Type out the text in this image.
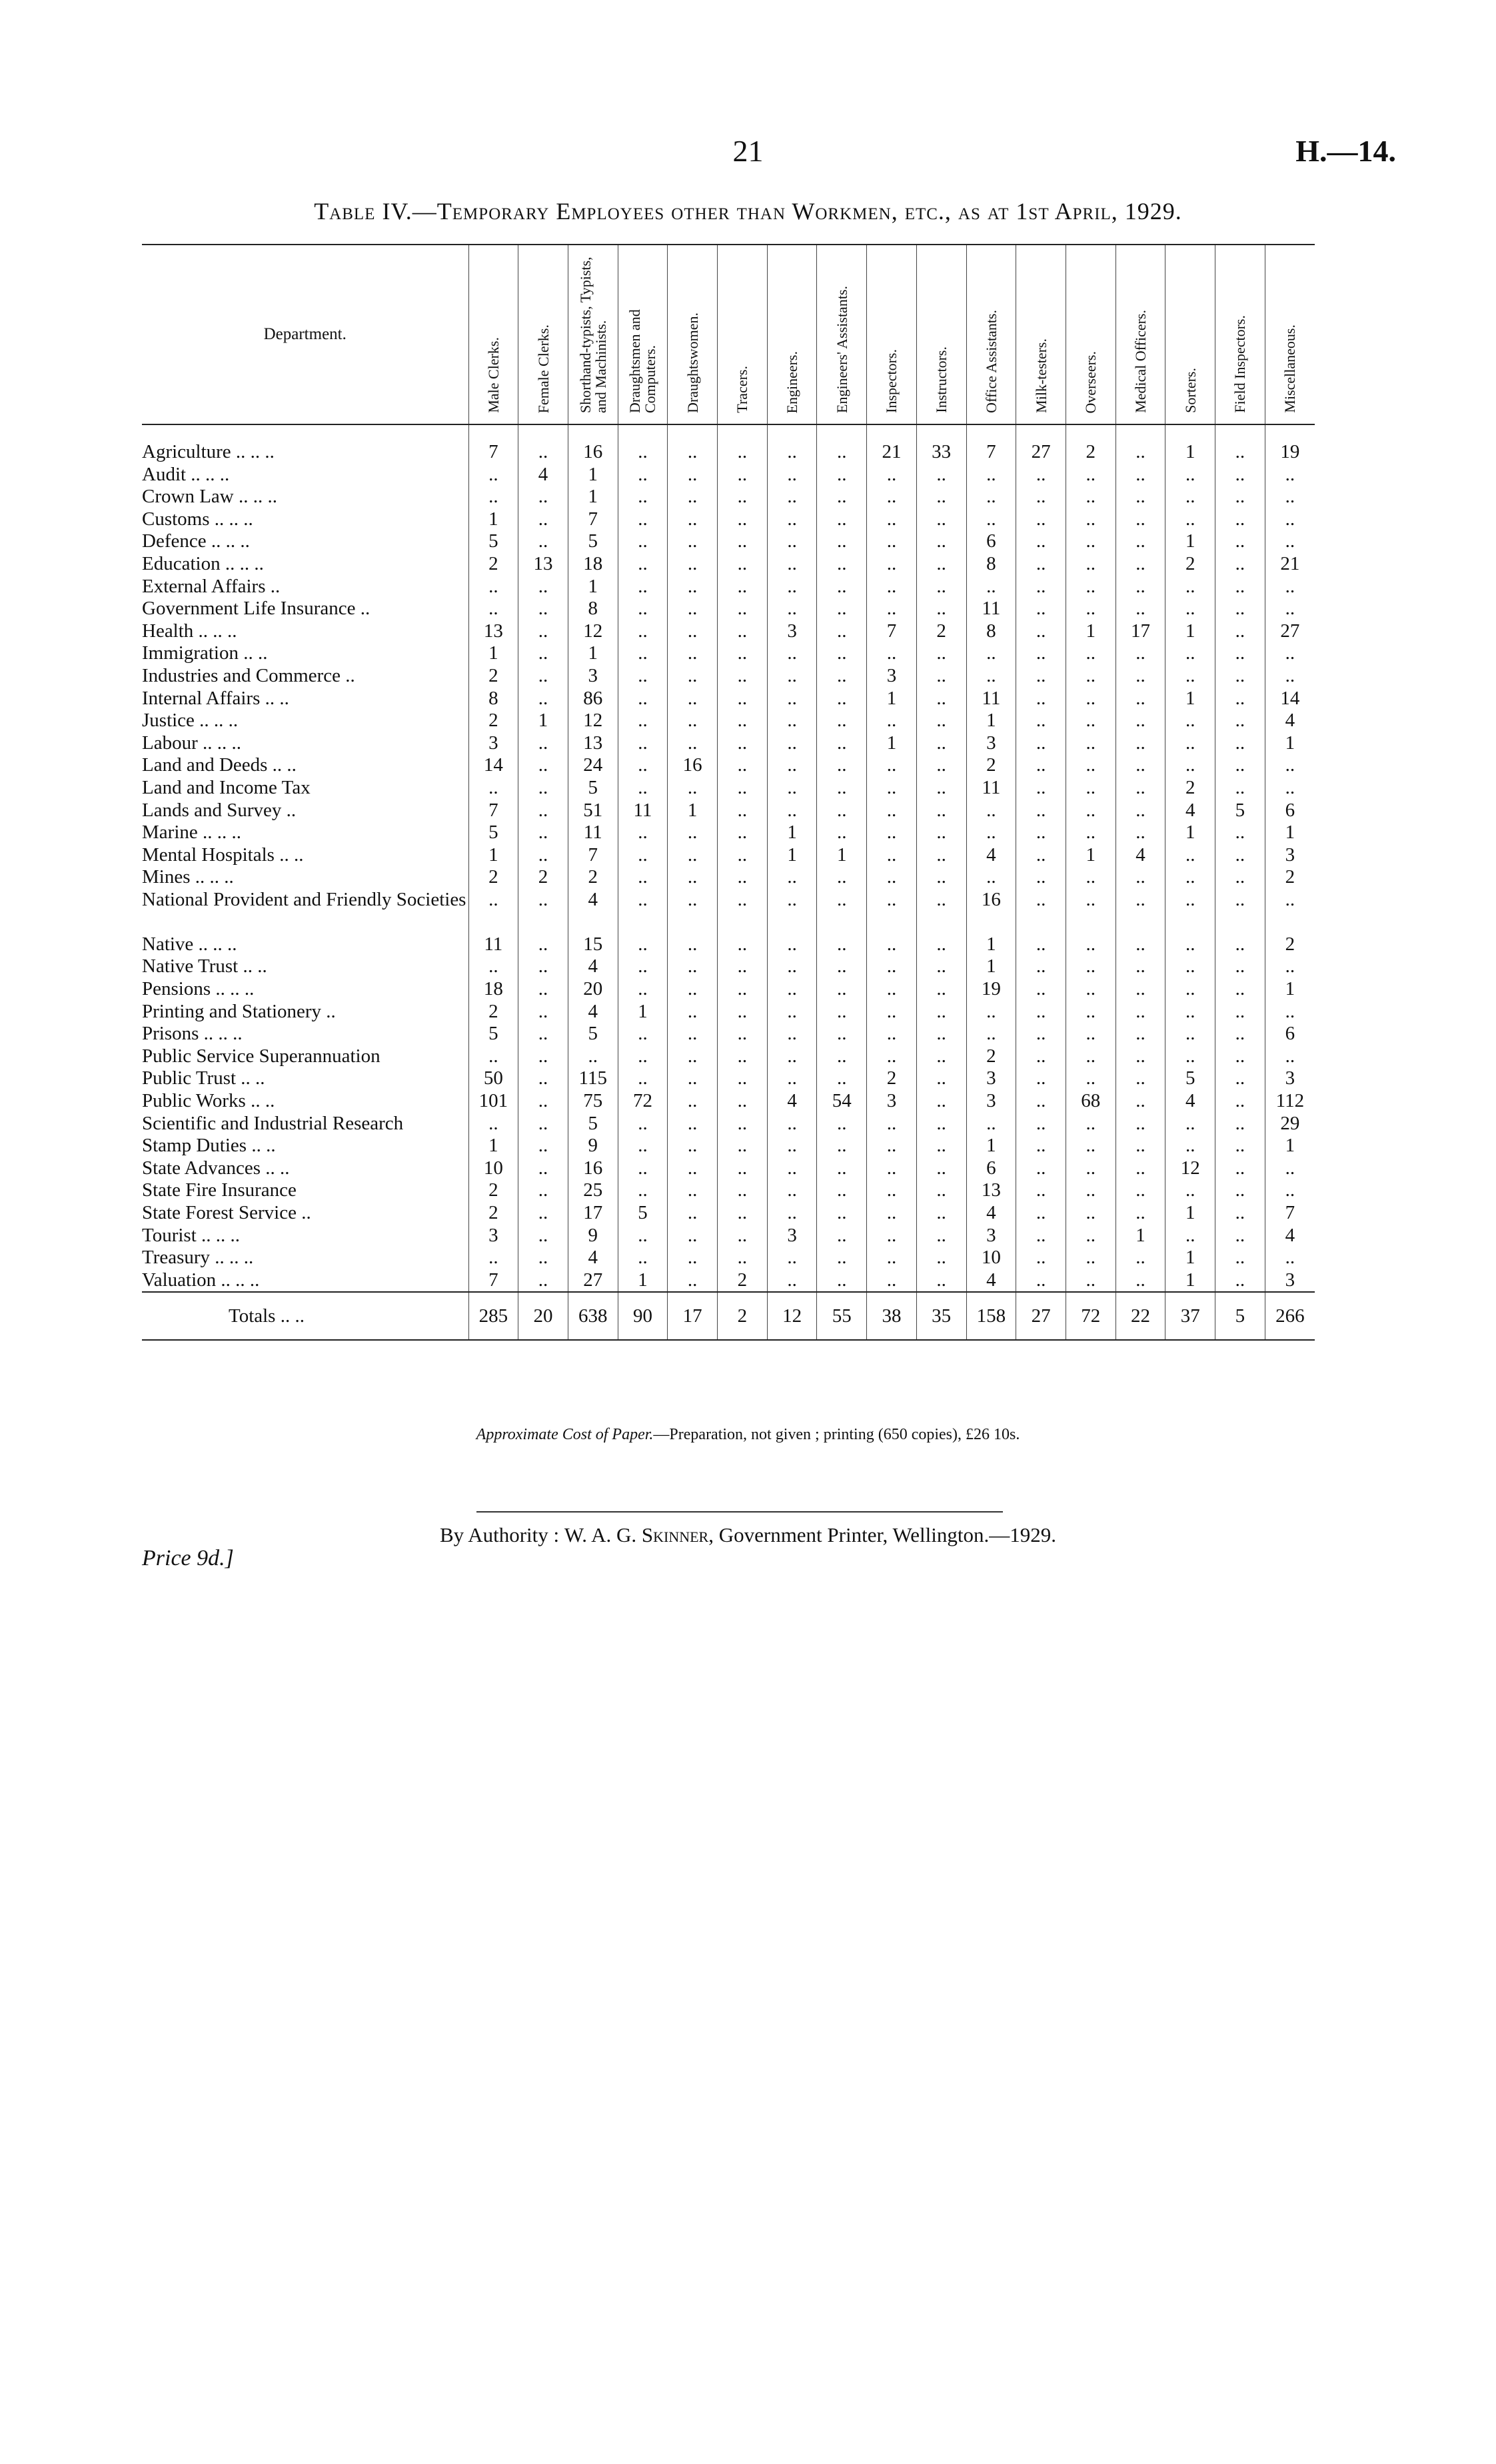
21	H.—14.
Table IV.—Temporary Employees other than Workmen, etc., as at 1st April, 1929.
Department.	Male Clerks.	Female Clerks.	Shorthand-typists, Typists, and Machinists.	Draughtsmen and Computers.	Draughtswomen.	Tracers.	Engineers.	Engineers' Assistants.	Inspectors.	Instructors.	Office Assistants.	Milk-testers.	Overseers.	Medical Officers.	Sorters.	Field Inspectors.	Miscellaneous.
Agriculture .. .. ..	7	..	16	..	..	..	..	..	21	33	7	27	2	..	1	..	19
Audit .. .. ..	..	4	1	..	..	..	..	..	..	..	..	..	..	..	..	..	..
Crown Law .. .. ..	..	..	1	..	..	..	..	..	..	..	..	..	..	..	..	..	..
Customs .. .. ..	1	..	7	..	..	..	..	..	..	..	..	..	..	..	..	..	..
Defence .. .. ..	5	..	5	..	..	..	..	..	..	..	6	..	..	..	1	..	..
Education .. .. ..	2	13	18	..	..	..	..	..	..	..	8	..	..	..	2	..	21
External Affairs ..	..	..	1	..	..	..	..	..	..	..	..	..	..	..	..	..	..
Government Life Insurance ..	..	..	8	..	..	..	..	..	..	..	11	..	..	..	..	..	..
Health .. .. ..	13	..	12	..	..	..	3	..	7	2	8	..	1	17	1	..	27
Immigration .. ..	1	..	1	..	..	..	..	..	..	..	..	..	..	..	..	..	..
Industries and Commerce ..	2	..	3	..	..	..	..	..	3	..	..	..	..	..	..	..	..
Internal Affairs .. ..	8	..	86	..	..	..	..	..	1	..	11	..	..	..	1	..	14
Justice .. .. ..	2	1	12	..	..	..	..	..	..	..	1	..	..	..	..	..	4
Labour .. .. ..	3	..	13	..	..	..	..	..	1	..	3	..	..	..	..	..	1
Land and Deeds .. ..	14	..	24	..	16	..	..	..	..	..	2	..	..	..	..	..	..
Land and Income Tax	..	..	5	..	..	..	..	..	..	..	11	..	..	..	2	..	..
Lands and Survey ..	7	..	51	11	1	..	..	..	..	..	..	..	..	..	4	5	6
Marine .. .. ..	5	..	11	..	..	..	1	..	..	..	..	..	..	..	1	..	1
Mental Hospitals .. ..	1	..	7	..	..	..	1	1	..	..	4	..	1	4	..	..	3
Mines .. .. ..	2	2	2	..	..	..	..	..	..	..	..	..	..	..	..	..	2
National Provident and Friendly Societies	..	..	4	..	..	..	..	..	..	..	16	..	..	..	..	..	..
Native .. .. ..	11	..	15	..	..	..	..	..	..	..	1	..	..	..	..	..	2
Native Trust .. ..	..	..	4	..	..	..	..	..	..	..	1	..	..	..	..	..	..
Pensions .. .. ..	18	..	20	..	..	..	..	..	..	..	19	..	..	..	..	..	1
Printing and Stationery ..	2	..	4	1	..	..	..	..	..	..	..	..	..	..	..	..	..
Prisons .. .. ..	5	..	5	..	..	..	..	..	..	..	..	..	..	..	..	..	6
Public Service Superannuation	..	..	..	..	..	..	..	..	..	..	2	..	..	..	..	..	..
Public Trust .. ..	50	..	115	..	..	..	..	..	2	..	3	..	..	..	5	..	3
Public Works .. ..	101	..	75	72	..	..	4	54	3	..	3	..	68	..	4	..	112
Scientific and Industrial Research	..	..	5	..	..	..	..	..	..	..	..	..	..	..	..	..	29
Stamp Duties .. ..	1	..	9	..	..	..	..	..	..	..	1	..	..	..	..	..	1
State Advances .. ..	10	..	16	..	..	..	..	..	..	..	6	..	..	..	12	..	..
State Fire Insurance	2	..	25	..	..	..	..	..	..	..	13	..	..	..	..	..	..
State Forest Service ..	2	..	17	5	..	..	..	..	..	..	4	..	..	..	1	..	7
Tourist .. .. ..	3	..	9	..	..	..	3	..	..	..	3	..	..	1	..	..	4
Treasury .. .. ..	..	..	4	..	..	..	..	..	..	..	10	..	..	..	1	..	..
Valuation .. .. ..	7	..	27	1	..	2	..	..	..	..	4	..	..	..	1	..	3
Totals .. ..	285	20	638	90	17	2	12	55	38	35	158	27	72	22	37	5	266
Approximate Cost of Paper.—Preparation, not given ; printing (650 copies), £26 10s.
By Authority : W. A. G. Skinner, Government Printer, Wellington.—1929.
Price 9d.]
